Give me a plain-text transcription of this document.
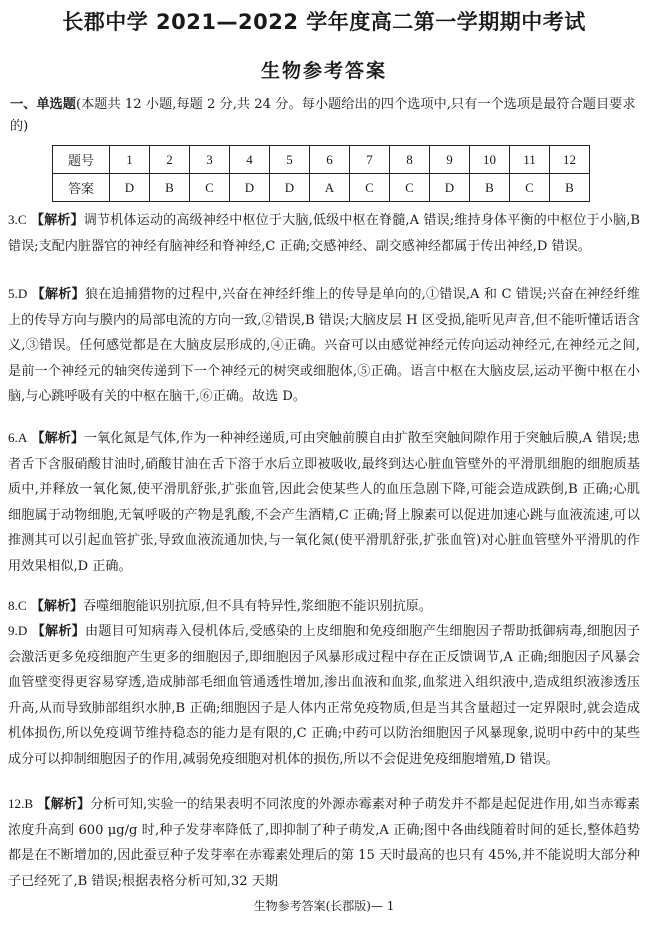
长郡中学 2021—2022 学年度高二第一学期期中考试
生物参考答案
一、单选题(本题共 12 小题,每题 2 分,共 24 分。每小题给出的四个选项中,只有一个选项是最符合题目要求的)
题号	1	2	3	4	5	6	7	8	9	10	11	12
答案	D	B	C	D	D	A	C	C	D	B	C	B
3.C 【解析】调节机体运动的高级神经中枢位于大脑,低级中枢在脊髓,A 错误;维持身体平衡的中枢位于小脑,B 错误;支配内脏器官的神经有脑神经和脊神经,C 正确;交感神经、副交感神经都属于传出神经,D 错误。
5.D 【解析】狼在追捕猎物的过程中,兴奋在神经纤维上的传导是单向的,①错误,A 和 C 错误;兴奋在神经纤维上的传导方向与膜内的局部电流的方向一致,②错误,B 错误;大脑皮层 H 区受损,能听见声音,但不能听懂话语含义,③错误。任何感觉都是在大脑皮层形成的,④正确。兴奋可以由感觉神经元传向运动神经元,在神经元之间,是前一个神经元的轴突传递到下一个神经元的树突或细胞体,⑤正确。语言中枢在大脑皮层,运动平衡中枢在小脑,与心跳呼吸有关的中枢在脑干,⑥正确。故选 D。
6.A 【解析】一氧化氮是气体,作为一种神经递质,可由突触前膜自由扩散至突触间隙作用于突触后膜,A 错误;患者舌下含服硝酸甘油时,硝酸甘油在舌下溶于水后立即被吸收,最终到达心脏血管壁外的平滑肌细胞的细胞质基质中,并释放一氧化氮,使平滑肌舒张,扩张血管,因此会使某些人的血压急剧下降,可能会造成跌倒,B 正确;心肌细胞属于动物细胞,无氧呼吸的产物是乳酸,不会产生酒精,C 正确;肾上腺素可以促进加速心跳与血液流速,可以推测其可以引起血管扩张,导致血液流通加快,与一氧化氮(使平滑肌舒张,扩张血管)对心脏血管壁外平滑肌的作用效果相似,D 正确。
8.C 【解析】吞噬细胞能识别抗原,但不具有特异性,浆细胞不能识别抗原。
9.D 【解析】由题目可知病毒入侵机体后,受感染的上皮细胞和免疫细胞产生细胞因子帮助抵御病毒,细胞因子会激活更多免疫细胞产生更多的细胞因子,即细胞因子风暴形成过程中存在正反馈调节,A 正确;细胞因子风暴会血管壁变得更容易穿透,造成肺部毛细血管通透性增加,渗出血液和血浆,血浆进入组织液中,造成组织液渗透压升高,从而导致肺部组织水肿,B 正确;细胞因子是人体内正常免疫物质,但是当其含量超过一定界限时,就会造成机体损伤,所以免疫调节维持稳态的能力是有限的,C 正确;中药可以防治细胞因子风暴现象,说明中药中的某些成分可以抑制细胞因子的作用,减弱免疫细胞对机体的损伤,所以不会促进免疫细胞增殖,D 错误。
12.B 【解析】分析可知,实验一的结果表明不同浓度的外源赤霉素对种子萌发并不都是起促进作用,如当赤霉素浓度升高到 600 μg/g 时,种子发芽率降低了,即抑制了种子萌发,A 正确;图中各曲线随着时间的延长,整体趋势都是在不断增加的,因此蚕豆种子发芽率在赤霉素处理后的第 15 天时最高的也只有 45%,并不能说明大部分种子已经死了,B 错误;根据表格分析可知,32 天期
生物参考答案(长郡版)— 1
